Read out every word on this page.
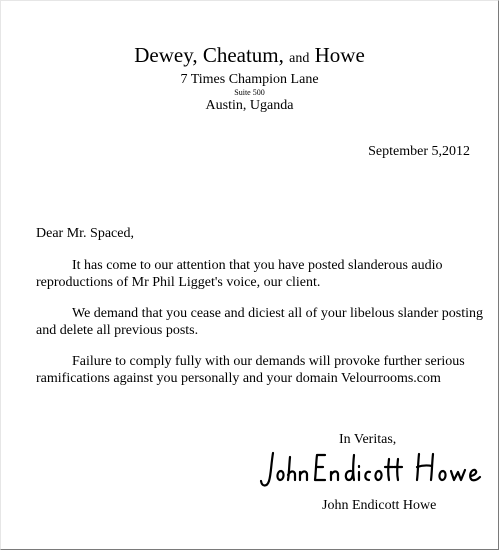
Dewey, Cheatum, and Howe
7 Times Champion Lane
Suite 500
Austin, Uganda
September 5,2012
Dear Mr. Spaced,
It has come to our attention that you have posted slanderous audio reproductions of Mr Phil Ligget's voice, our client.
We demand that you cease and diciest all of your libelous slander posting and delete all previous posts.
Failure to comply fully with our demands will provoke further serious ramifications against you personally and your domain Velourrooms.com
In Veritas,
John Endicott Howe
